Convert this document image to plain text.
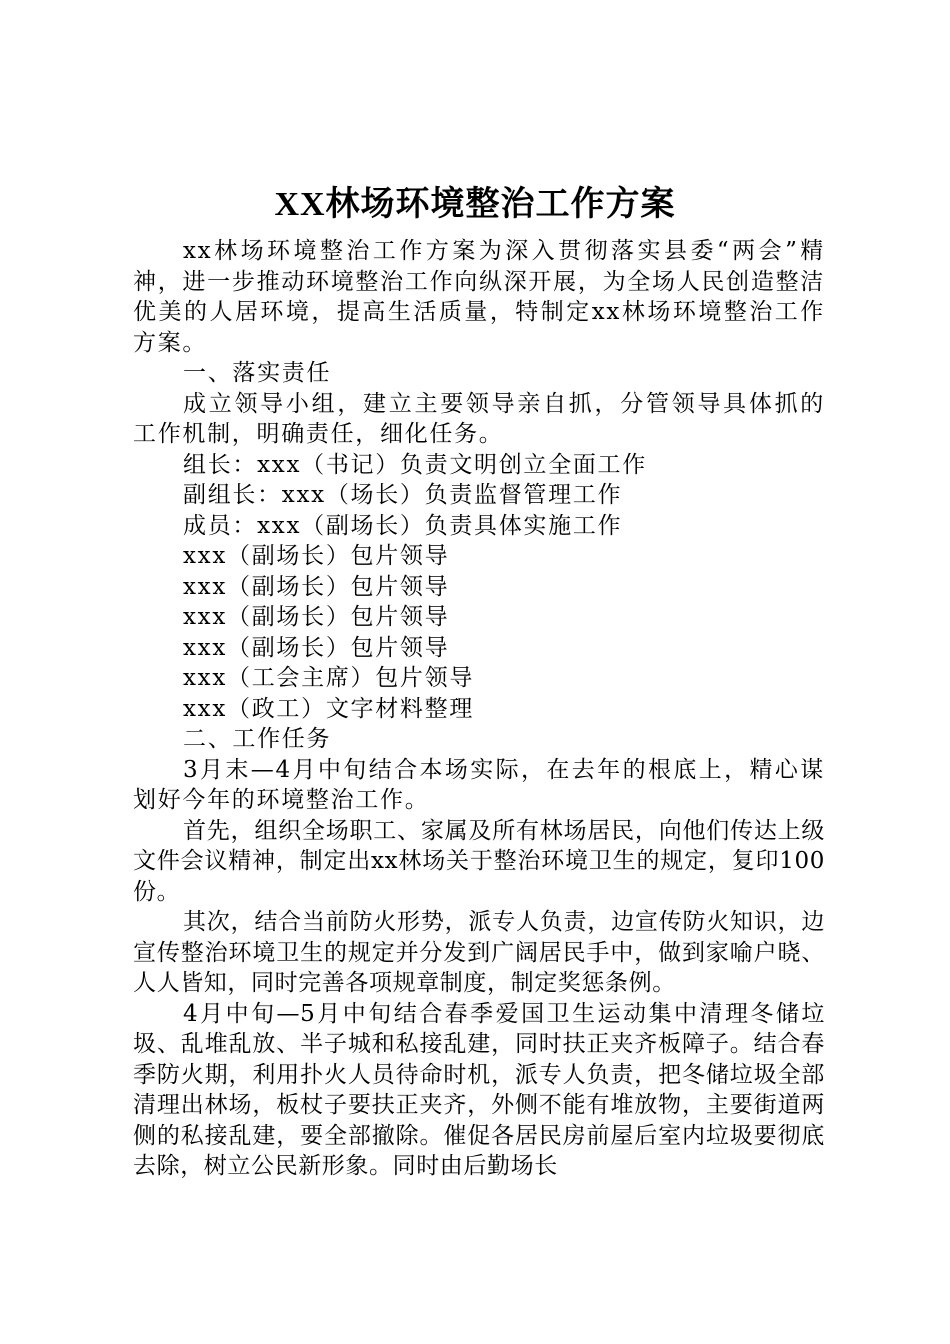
XX林场环境整治工作方案

xx林场环境整治工作方案为深入贯彻落实县委“两会”精神，进一步推动环境整治工作向纵深开展，为全场人民创造整洁优美的人居环境，提高生活质量，特制定xx林场环境整治工作方案。

一、落实责任

成立领导小组，建立主要领导亲自抓，分管领导具体抓的工作机制，明确责任，细化任务。

组长：xxx（书记）负责文明创立全面工作

副组长：xxx（场长）负责监督管理工作

成员：xxx（副场长）负责具体实施工作

xxx（副场长）包片领导

xxx（副场长）包片领导

xxx（副场长）包片领导

xxx（副场长）包片领导

xxx（工会主席）包片领导

xxx（政工）文字材料整理

二、工作任务

3月末—4月中旬结合本场实际，在去年的根底上，精心谋划好今年的环境整治工作。

首先，组织全场职工、家属及所有林场居民，向他们传达上级文件会议精神，制定出xx林场关于整治环境卫生的规定，复印100份。

其次，结合当前防火形势，派专人负责，边宣传防火知识，边宣传整治环境卫生的规定并分发到广阔居民手中，做到家喻户晓、人人皆知，同时完善各项规章制度，制定奖惩条例。

4月中旬—5月中旬结合春季爱国卫生运动集中清理冬储垃圾、乱堆乱放、半子城和私接乱建，同时扶正夹齐板障子。结合春季防火期，利用扑火人员待命时机，派专人负责，把冬储垃圾全部清理出林场，板杖子要扶正夹齐，外侧不能有堆放物，主要街道两侧的私接乱建，要全部撤除。催促各居民房前屋后室内垃圾要彻底去除，树立公民新形象。同时由后勤场长
